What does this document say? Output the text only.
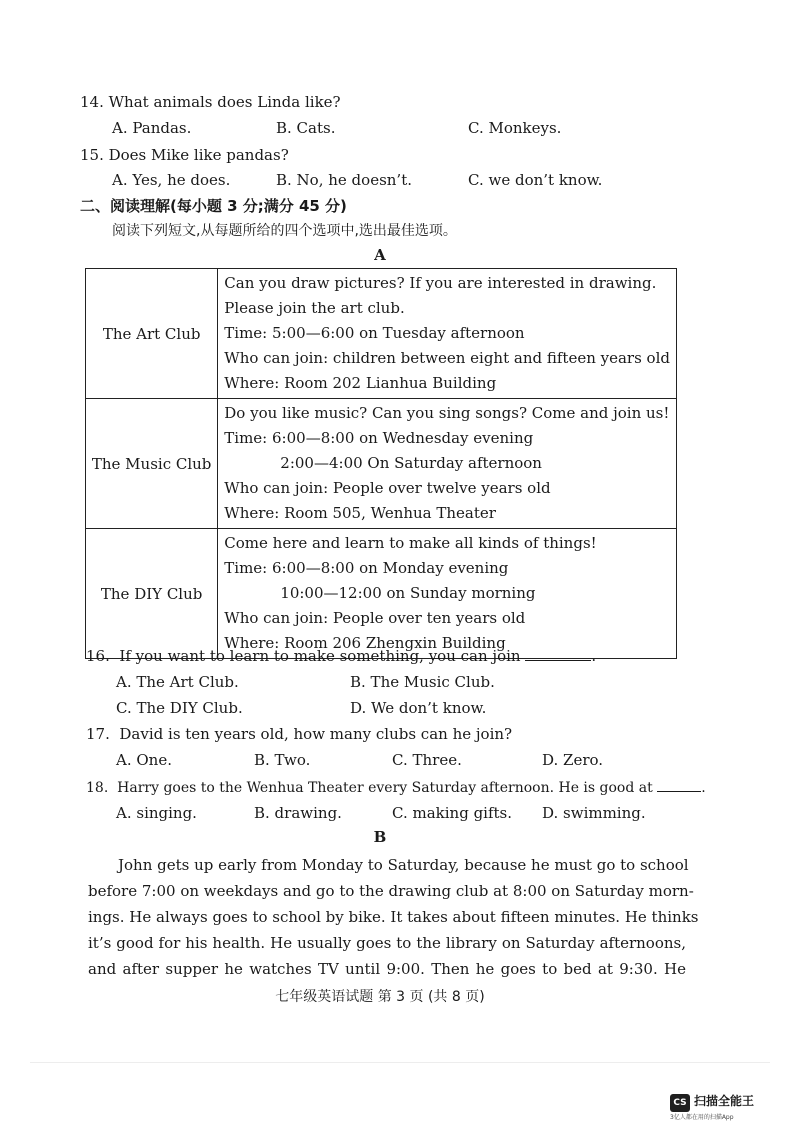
14. What animals does Linda like?
A. Pandas.	B. Cats.	C. Monkeys.
15. Does Mike like pandas?
A. Yes, he does.	B. No, he doesn’t.	C. we don’t know.
二、阅读理解(每小题 3 分;满分 45 分)
阅读下列短文,从每题所给的四个选项中,选出最佳选项。
A
The Art Club	Can you draw pictures? If you are interested in drawing.
Please join the art club.
Time: 5:00—6:00 on Tuesday afternoon
Who can join: children between eight and fifteen years old
Where: Room 202 Lianhua Building

The Music Club	Do you like music? Can you sing songs? Come and join us!
Time: 6:00—8:00 on Wednesday evening
2:00—4:00 On Saturday afternoon
Who can join: People over twelve years old
Where: Room 505, Wenhua Theater

The DIY Club	Come here and learn to make all kinds of things!
Time: 6:00—8:00 on Monday evening
10:00—12:00 on Sunday morning
Who can join: People over ten years old
Where: Room 206 Zhengxin Building
16. If you want to learn to make something, you can join	.
A. The Art Club.	B. The Music Club.
C. The DIY Club.	D. We don’t know.
17. David is ten years old, how many clubs can he join?
A. One.	B. Two.	C. Three.	D. Zero.
18. Harry goes to the Wenhua Theater every Saturday afternoon. He is good at	.
A. singing.	B. drawing.	C. making gifts. D. swimming.
B
John gets up early from Monday to Saturday, because he must go to school
before 7:00 on weekdays and go to the drawing club at 8:00 on Saturday morn-
ings. He always goes to school by bike. It takes about fifteen minutes. He thinks
it’s good for his health. He usually goes to the library on Saturday afternoons,
and after supper he watches TV until 9:00. Then he goes to bed at 9:30. He
七年级英语试题 第 3 页 (共 8 页)
CS 扫描全能王
3亿人都在用的扫描App
